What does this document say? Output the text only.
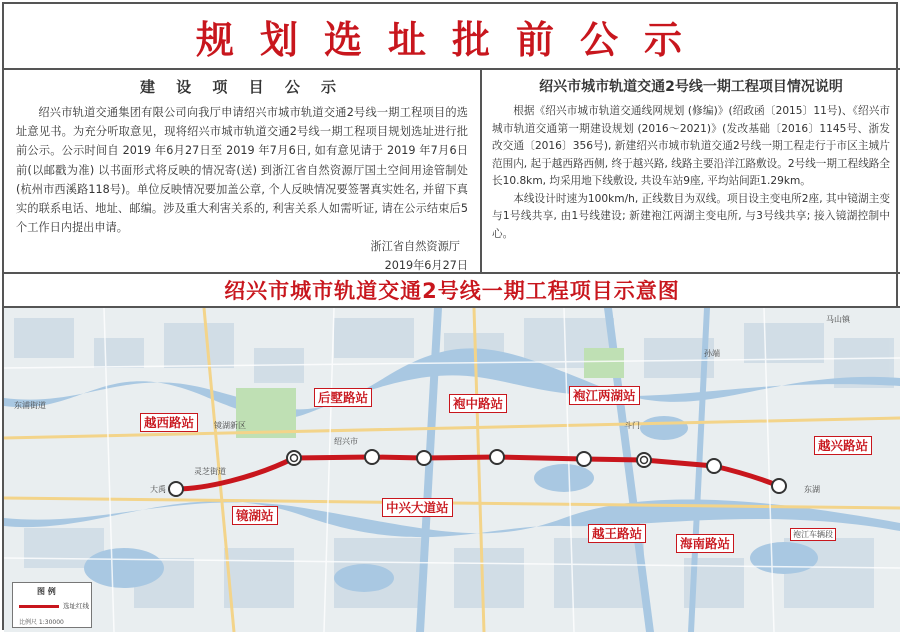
规划选址批前公示
建 设 项 目 公 示

绍兴市轨道交通集团有限公司向我厅申请绍兴市城市轨道交通2号线一期工程项目的选址意见书。为充分听取意见，现将绍兴市城市轨道交通2号线一期工程项目规划选址进行批前公示。公示时间自 2019 年6月27日至 2019 年7月6日, 如有意见请于 2019 年7月6日前(以邮戳为准) 以书面形式将反映的情况寄(送) 到浙江省自然资源厅国土空间用途管制处 (杭州市西溪路118号)。单位反映情况要加盖公章, 个人反映情况要签署真实姓名, 并留下真实的联系电话、地址、邮编。涉及重大利害关系的, 利害关系人如需听证, 请在公示结束后5个工作日内提出申请。

浙江省自然资源厅
2019年6月27日
绍兴市城市轨道交通2号线一期工程项目情况说明

根据《绍兴市城市轨道交通线网规划 (修编)》(绍政函〔2015〕11号)、《绍兴市城市轨道交通第一期建设规划 (2016～2021)》(发改基础〔2016〕1145号、浙发改交通〔2016〕356号), 新建绍兴市城市轨道交通2号线一期工程走行于市区主城片范围内, 起于越西路西侧, 终于越兴路, 线路主要沿洋江路敷设。2号线一期工程线路全长10.8km, 均采用地下线敷设, 共设车站9座, 平均站间距1.29km。

本线设计时速为100km/h, 正线数目为双线。项目设主变电所2座, 其中镜湖主变与1号线共享, 由1号线建设; 新建袍江两湖主变电所, 与3号线共享; 接入镜湖控制中心。

绍兴市城市轨道交通2号线一期工程项目示意图
东浦街道
马山镇
绍兴市
大禹
灵芝街道
镜湖新区
孙端
东湖
斗门
袍江车辆段
越西路站
镜湖站
后墅路站
中兴大道站
袍中路站
越王路站
袍江两湖站
海南路站
越兴路站
图 例
选址红线
比例尺 1:30000
